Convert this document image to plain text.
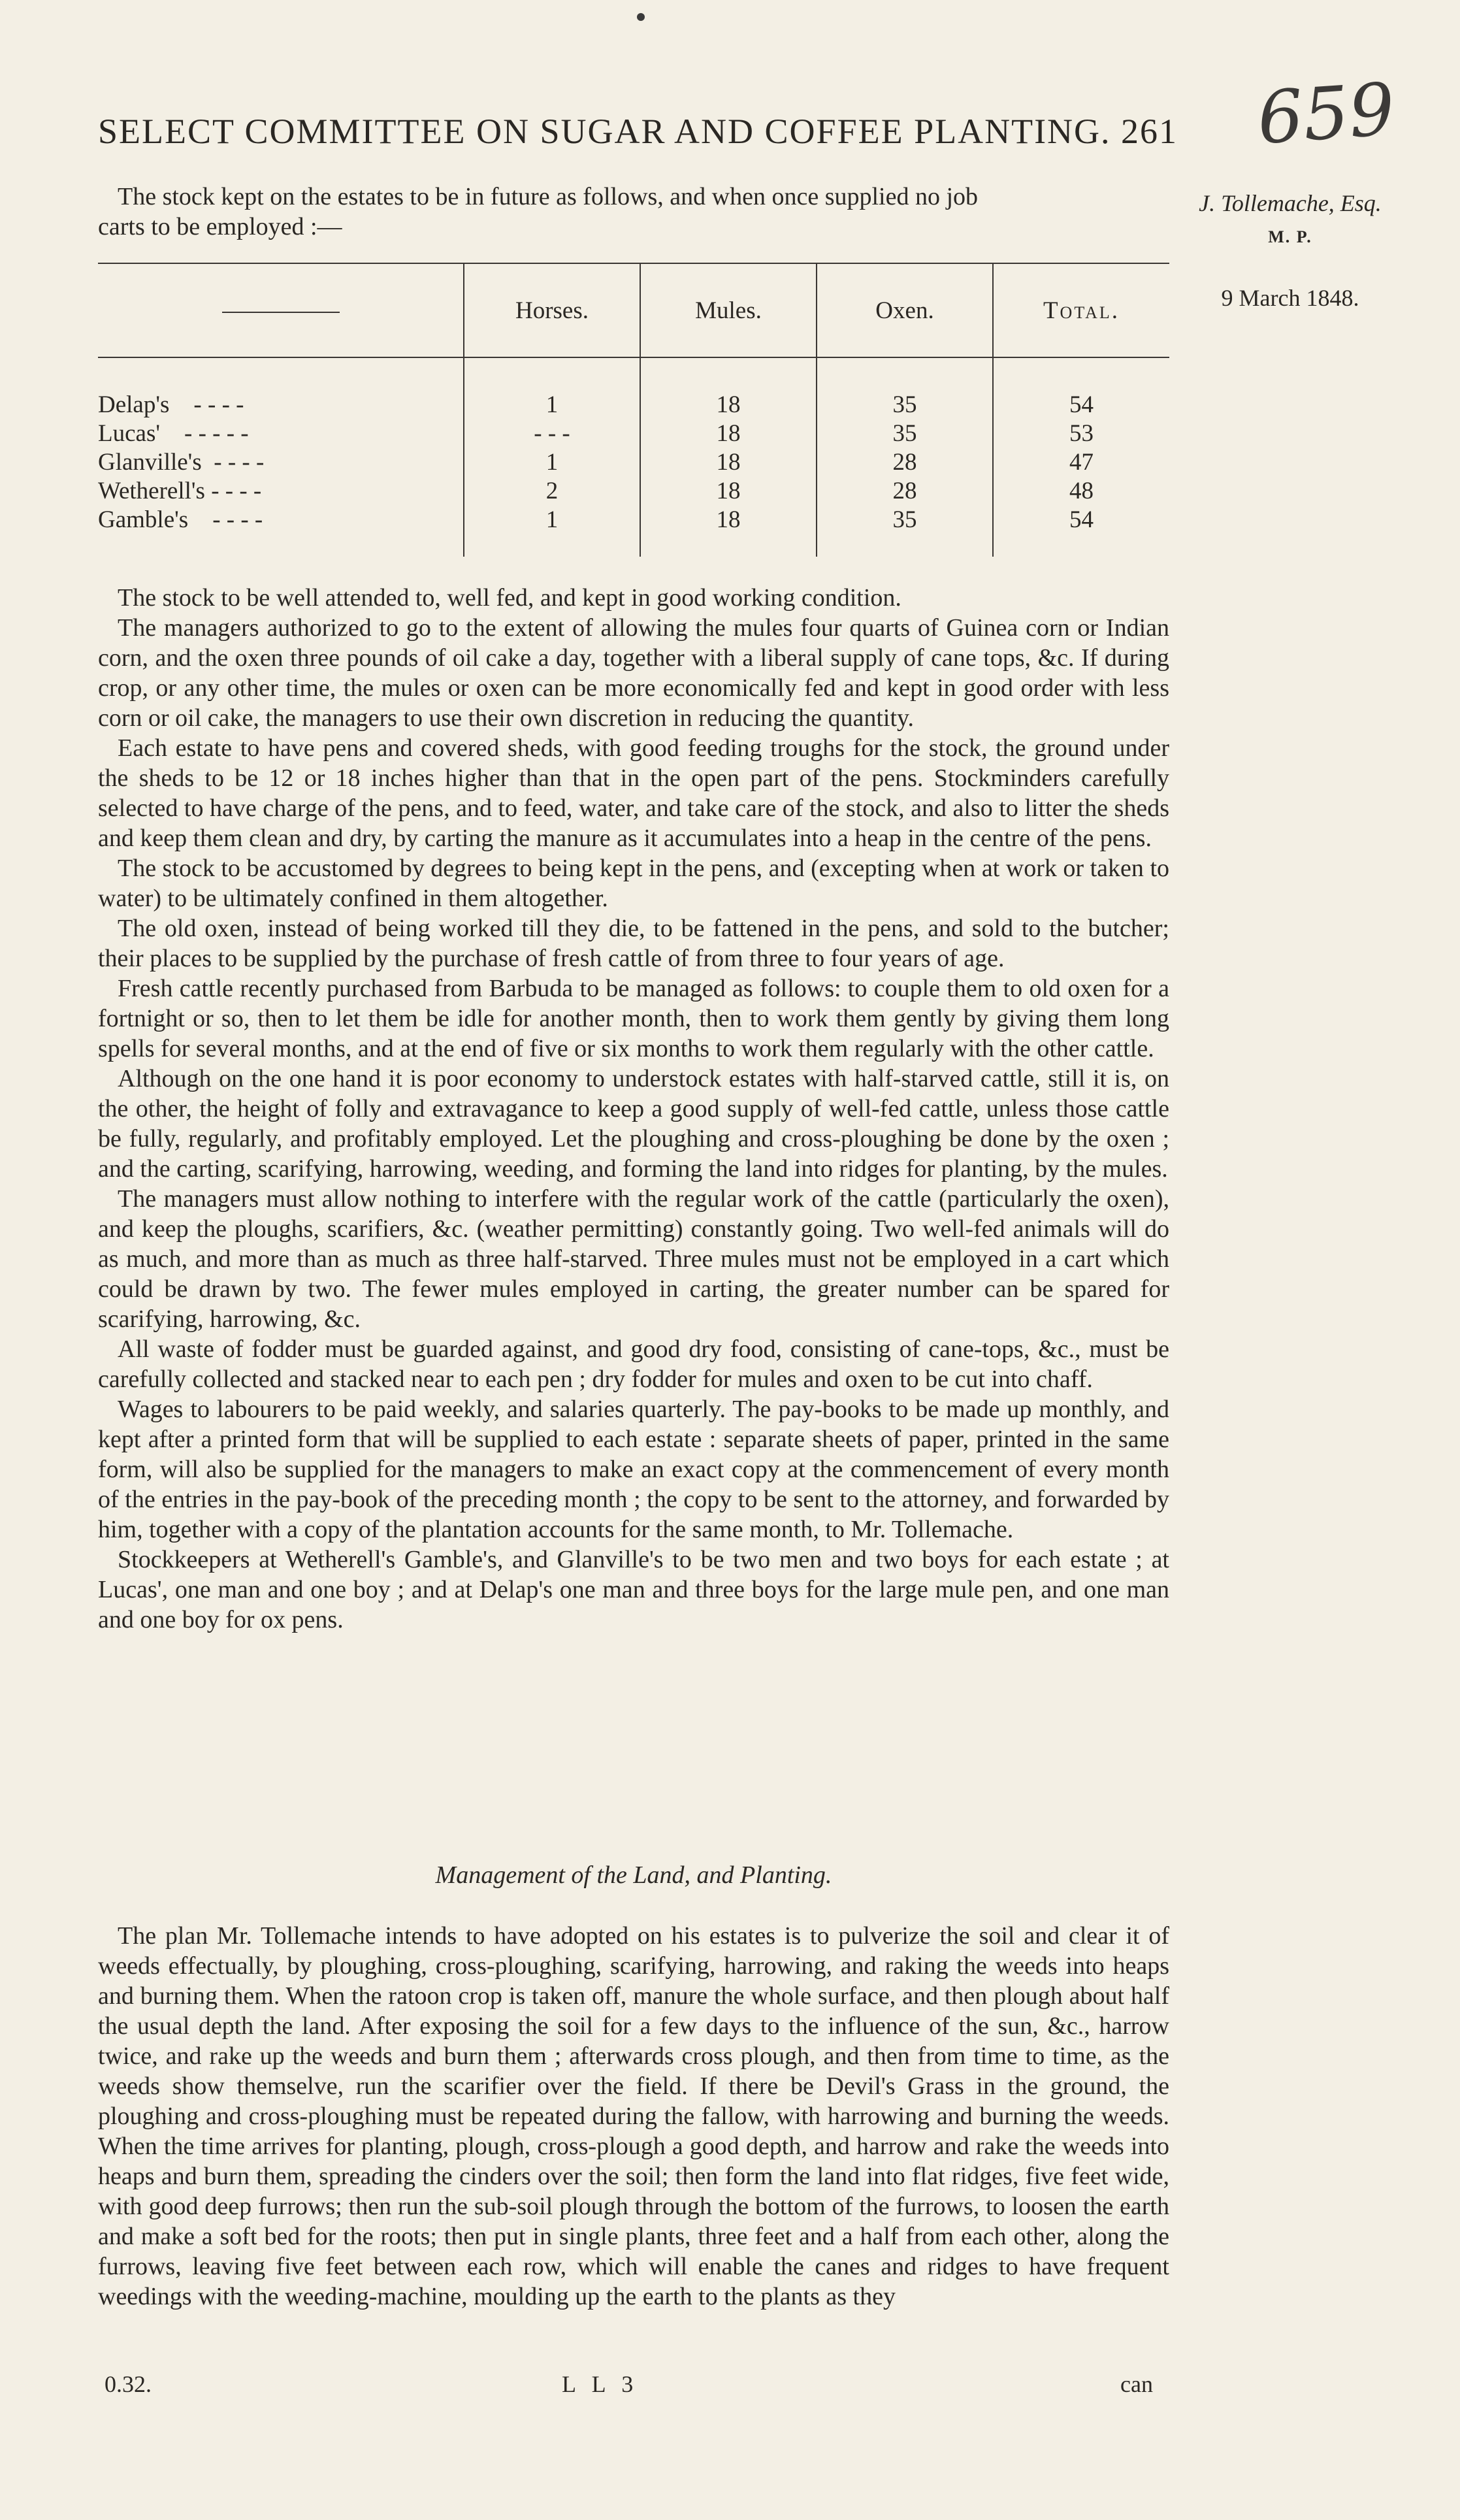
SELECT COMMITTEE ON SUGAR AND COFFEE PLANTING. 261 659
J. Tollemache, Esq.
M. P.
9 March 1848.
The stock kept on the estates to be in future as follows, and when once supplied no job
carts to be employed :—
	Horses.	Mules.	Oxen.	Total.
Delap's - - - -	1	18	35	54
Lucas' - - - - -	- - -	18	35	53
Glanville's - - - -	1	18	28	47
Wetherell's - - - -	2	18	28	48
Gamble's - - - -	1	18	35	54

The stock to be well attended to, well fed, and kept in good working condition.

The managers authorized to go to the extent of allowing the mules four quarts of Guinea corn or Indian corn, and the oxen three pounds of oil cake a day, together with a liberal supply of cane tops, &c. If during crop, or any other time, the mules or oxen can be more economically fed and kept in good order with less corn or oil cake, the managers to use their own discretion in reducing the quantity.

Each estate to have pens and covered sheds, with good feeding troughs for the stock, the ground under the sheds to be 12 or 18 inches higher than that in the open part of the pens. Stockminders carefully selected to have charge of the pens, and to feed, water, and take care of the stock, and also to litter the sheds and keep them clean and dry, by carting the manure as it accumulates into a heap in the centre of the pens.

The stock to be accustomed by degrees to being kept in the pens, and (excepting when at work or taken to water) to be ultimately confined in them altogether.

The old oxen, instead of being worked till they die, to be fattened in the pens, and sold to the butcher; their places to be supplied by the purchase of fresh cattle of from three to four years of age.

Fresh cattle recently purchased from Barbuda to be managed as follows: to couple them to old oxen for a fortnight or so, then to let them be idle for another month, then to work them gently by giving them long spells for several months, and at the end of five or six months to work them regularly with the other cattle.

Although on the one hand it is poor economy to understock estates with half-starved cattle, still it is, on the other, the height of folly and extravagance to keep a good supply of well-fed cattle, unless those cattle be fully, regularly, and profitably employed. Let the ploughing and cross-ploughing be done by the oxen ; and the carting, scarifying, harrowing, weeding, and forming the land into ridges for planting, by the mules.

The managers must allow nothing to interfere with the regular work of the cattle (particularly the oxen), and keep the ploughs, scarifiers, &c. (weather permitting) constantly going. Two well-fed animals will do as much, and more than as much as three half-starved. Three mules must not be employed in a cart which could be drawn by two. The fewer mules employed in carting, the greater number can be spared for scarifying, harrowing, &c.

All waste of fodder must be guarded against, and good dry food, consisting of cane-tops, &c., must be carefully collected and stacked near to each pen ; dry fodder for mules and oxen to be cut into chaff.

Wages to labourers to be paid weekly, and salaries quarterly. The pay-books to be made up monthly, and kept after a printed form that will be supplied to each estate : separate sheets of paper, printed in the same form, will also be supplied for the managers to make an exact copy at the commencement of every month of the entries in the pay-book of the preceding month ; the copy to be sent to the attorney, and forwarded by him, together with a copy of the plantation accounts for the same month, to Mr. Tollemache.

Stockkeepers at Wetherell's Gamble's, and Glanville's to be two men and two boys for each estate ; at Lucas', one man and one boy ; and at Delap's one man and three boys for the large mule pen, and one man and one boy for ox pens.

Management of the Land, and Planting.

The plan Mr. Tollemache intends to have adopted on his estates is to pulverize the soil and clear it of weeds effectually, by ploughing, cross-ploughing, scarifying, harrowing, and raking the weeds into heaps and burning them. When the ratoon crop is taken off, manure the whole surface, and then plough about half the usual depth the land. After exposing the soil for a few days to the influence of the sun, &c., harrow twice, and rake up the weeds and burn them ; afterwards cross plough, and then from time to time, as the weeds show themselve, run the scarifier over the field. If there be Devil's Grass in the ground, the ploughing and cross-ploughing must be repeated during the fallow, with harrowing and burning the weeds. When the time arrives for planting, plough, cross-plough a good depth, and harrow and rake the weeds into heaps and burn them, spreading the cinders over the soil; then form the land into flat ridges, five feet wide, with good deep furrows; then run the sub-soil plough through the bottom of the furrows, to loosen the earth and make a soft bed for the roots; then put in single plants, three feet and a half from each other, along the furrows, leaving five feet between each row, which will enable the canes and ridges to have frequent weedings with the weeding-machine, moulding up the earth to the plants as they

0.32.	L L 3	can
